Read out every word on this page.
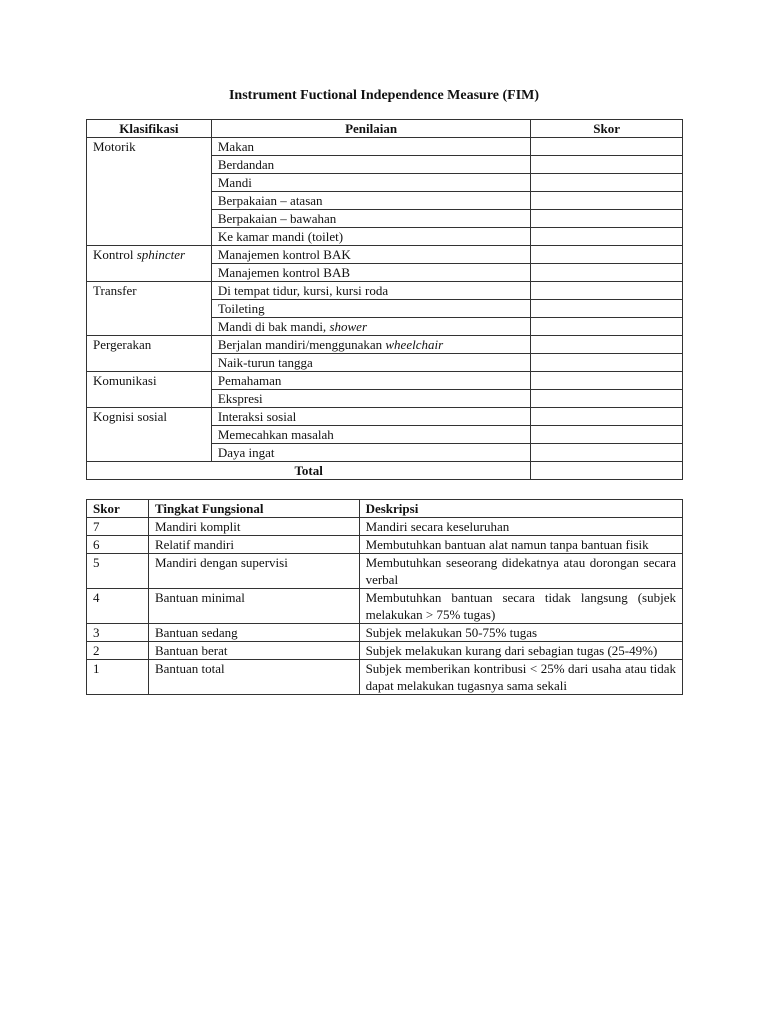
Instrument Fuctional Independence Measure (FIM)
Klasifikasi	Penilaian	Skor
Motorik	Makan	
	Berdandan	
	Mandi	
	Berpakaian – atasan	
	Berpakaian – bawahan	
	Ke kamar mandi (toilet)	
Kontrol sphincter	Manajemen kontrol BAK	
	Manajemen kontrol BAB	
Transfer	Di tempat tidur, kursi, kursi roda	
	Toileting	
	Mandi di bak mandi, shower	
Pergerakan	Berjalan mandiri/menggunakan wheelchair	
	Naik-turun tangga	
Komunikasi	Pemahaman	
	Ekspresi	
Kognisi sosial	Interaksi sosial	
	Memecahkan masalah	
	Daya ingat	
Total		
Skor	Tingkat Fungsional	Deskripsi
7	Mandiri komplit	Mandiri secara keseluruhan
6	Relatif mandiri	Membutuhkan bantuan alat namun tanpa bantuan fisik
5	Mandiri dengan supervisi	Membutuhkan seseorang didekatnya atau dorongan secara verbal
4	Bantuan minimal	Membutuhkan bantuan secara tidak langsung (subjek melakukan > 75% tugas)
3	Bantuan sedang	Subjek melakukan 50-75% tugas
2	Bantuan berat	Subjek melakukan kurang dari sebagian tugas (25-49%)
1	Bantuan total	Subjek memberikan kontribusi < 25% dari usaha atau tidak dapat melakukan tugasnya sama sekali
